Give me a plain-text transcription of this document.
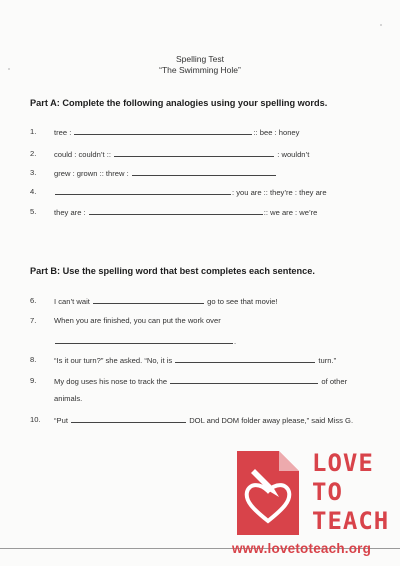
Spelling Test
“The Swimming Hole”
Part A: Complete the following analogies using your spelling words.
1. tree :	:: bee : honey
2. could : couldn’t ::	: wouldn’t
3. grew : grown :: threw :
4.	: you are :: they’re : they are
5. they are :	:: we are : we’re
Part B: Use the spelling word that best completes each sentence.
6. I can’t wait	go to see that movie!
7. When you are finished, you can put the work over
.
8. “Is it our turn?” she asked. “No, it is	turn.”
9. My dog uses his nose to track the	of other
animals.
10. “Put	DOL and DOM folder away please,” said Miss G.
LOVE
TO
TEACH
www.lovetoteach.org
